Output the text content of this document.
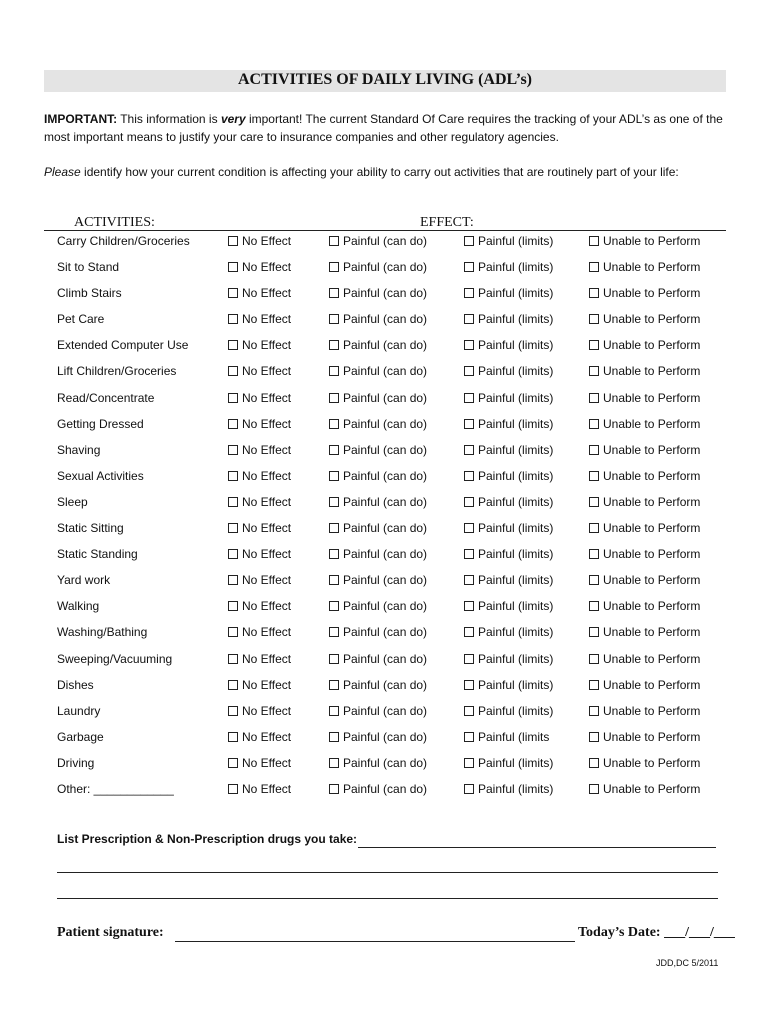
ACTIVITIES OF DAILY LIVING (ADL’s)
IMPORTANT: This information is very important! The current Standard Of Care requires the tracking of your ADL’s as one of the most important means to justify your care to insurance companies and other regulatory agencies.
Please identify how your current condition is affecting your ability to carry out activities that are routinely part of your life:
ACTIVITIES:	EFFECT:
Carry Children/Groceries	No Effect	Painful (can do)	Painful (limits)	Unable to Perform
Sit to Stand	No Effect	Painful (can do)	Painful (limits)	Unable to Perform
Climb Stairs	No Effect	Painful (can do)	Painful (limits)	Unable to Perform
Pet Care	No Effect	Painful (can do)	Painful (limits)	Unable to Perform
Extended Computer Use	No Effect	Painful (can do)	Painful (limits)	Unable to Perform
Lift Children/Groceries	No Effect	Painful (can do)	Painful (limits)	Unable to Perform
Read/Concentrate	No Effect	Painful (can do)	Painful (limits)	Unable to Perform
Getting Dressed	No Effect	Painful (can do)	Painful (limits)	Unable to Perform
Shaving	No Effect	Painful (can do)	Painful (limits)	Unable to Perform
Sexual Activities	No Effect	Painful (can do)	Painful (limits)	Unable to Perform
Sleep	No Effect	Painful (can do)	Painful (limits)	Unable to Perform
Static Sitting	No Effect	Painful (can do)	Painful (limits)	Unable to Perform
Static Standing	No Effect	Painful (can do)	Painful (limits)	Unable to Perform
Yard work	No Effect	Painful (can do)	Painful (limits)	Unable to Perform
Walking	No Effect	Painful (can do)	Painful (limits)	Unable to Perform
Washing/Bathing	No Effect	Painful (can do)	Painful (limits)	Unable to Perform
Sweeping/Vacuuming	No Effect	Painful (can do)	Painful (limits)	Unable to Perform
Dishes	No Effect	Painful (can do)	Painful (limits)	Unable to Perform
Laundry	No Effect	Painful (can do)	Painful (limits)	Unable to Perform
Garbage	No Effect	Painful (can do)	Painful (limits	Unable to Perform
Driving	No Effect	Painful (can do)	Painful (limits)	Unable to Perform
Other: ____________	No Effect	Painful (can do)	Painful (limits)	Unable to Perform
List Prescription & Non-Prescription drugs you take:
Patient signature:	Today’s Date: ___/___/___
JDD,DC 5/2011
